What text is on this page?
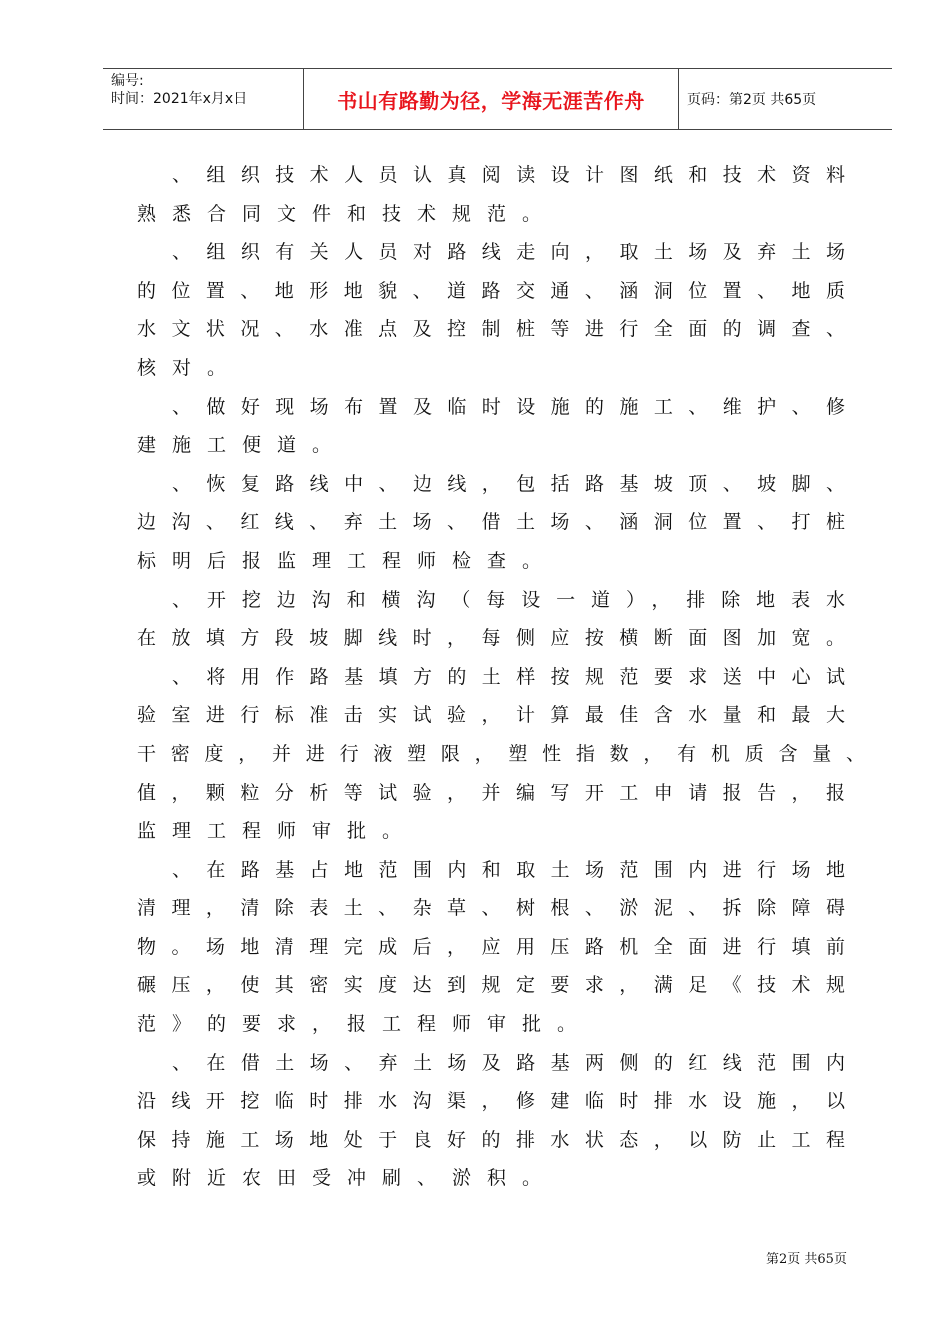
编号:
时间：2021年x月x日	书山有路勤为径，学海无涯苦作舟	页码：第2页 共65页
、组织技术人员认真阅读设计图纸和技术资料
熟悉合同文件和技术规范。
、组织有关人员对路线走向，取土场及弃土场
的位置、地形地貌、道路交通、涵洞位置、地质
水文状况、水准点及控制桩等进行全面的调查、
核对。
、做好现场布置及临时设施的施工、维护、修
建施工便道。
、恢复路线中、边线，包括路基坡顶、坡脚、
边沟、红线、弃土场、借土场、涵洞位置、打桩
标明后报监理工程师检查。
、开挖边沟和横沟（每设一道），排除地表水
在放填方段坡脚线时，每侧应按横断面图加宽。
、将用作路基填方的土样按规范要求送中心试
验室进行标准击实试验，计算最佳含水量和最大
干密度，并进行液塑限，塑性指数，有机质含量、
值，颗粒分析等试验，并编写开工申请报告，报
监理工程师审批。
、在路基占地范围内和取土场范围内进行场地
清理，清除表土、杂草、树根、淤泥、拆除障碍
物。场地清理完成后，应用压路机全面进行填前
碾压，使其密实度达到规定要求，满足《技术规
范》的要求，报工程师审批。
、在借土场、弃土场及路基两侧的红线范围内
沿线开挖临时排水沟渠，修建临时排水设施，以
保持施工场地处于良好的排水状态，以防止工程
或附近农田受冲刷、淤积。
第2页 共65页
